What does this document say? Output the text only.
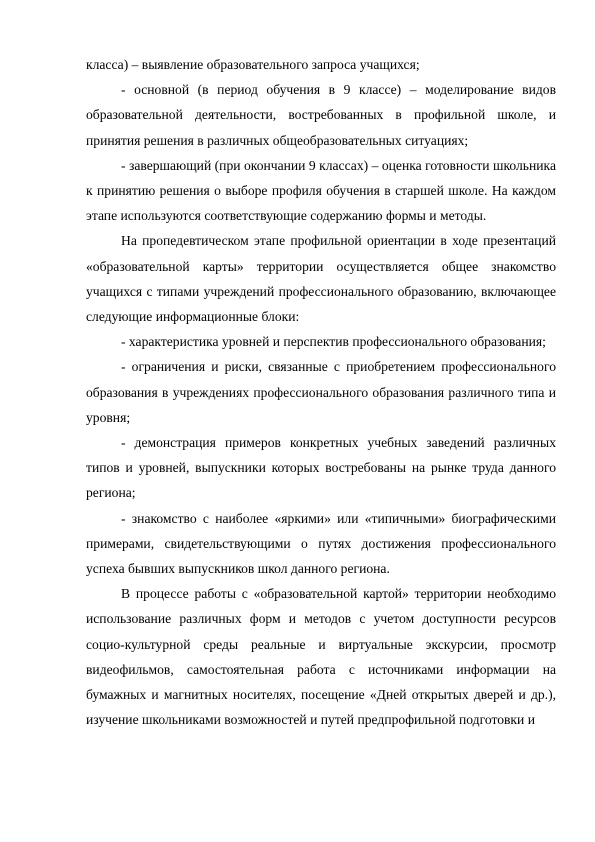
класса) – выявление образовательного запроса учащихся;

- основной (в период обучения в 9 классе) – моделирование видов образовательной деятельности, востребованных в профильной школе, и принятия решения в различных общеобразовательных ситуациях;

- завершающий (при окончании 9 классах) – оценка готовности школьника к принятию решения о выборе профиля обучения в старшей школе. На каждом этапе используются соответствующие содержанию формы и методы.

На пропедевтическом этапе профильной ориентации в ходе презентаций «образовательной карты» территории осуществляется общее знакомство учащихся с типами учреждений профессионального образованию, включающее следующие информационные блоки:

- характеристика уровней и перспектив профессионального образования;

- ограничения и риски, связанные с приобретением профессионального образования в учреждениях профессионального образования различного типа и уровня;

- демонстрация примеров конкретных учебных заведений различных типов и уровней, выпускники которых востребованы на рынке труда данного региона;

- знакомство с наиболее «яркими» или «типичными» биографическими примерами, свидетельствующими о путях достижения профессионального успеха бывших выпускников школ данного региона.

В процессе работы с «образовательной картой» территории необходимо использование различных форм и методов с учетом доступности ресурсов социо-культурной среды реальные и виртуальные экскурсии, просмотр видеофильмов, самостоятельная работа с источниками информации на бумажных и магнитных носителях, посещение «Дней открытых дверей и др.), изучение школьниками возможностей и путей предпрофильной подготовки и
